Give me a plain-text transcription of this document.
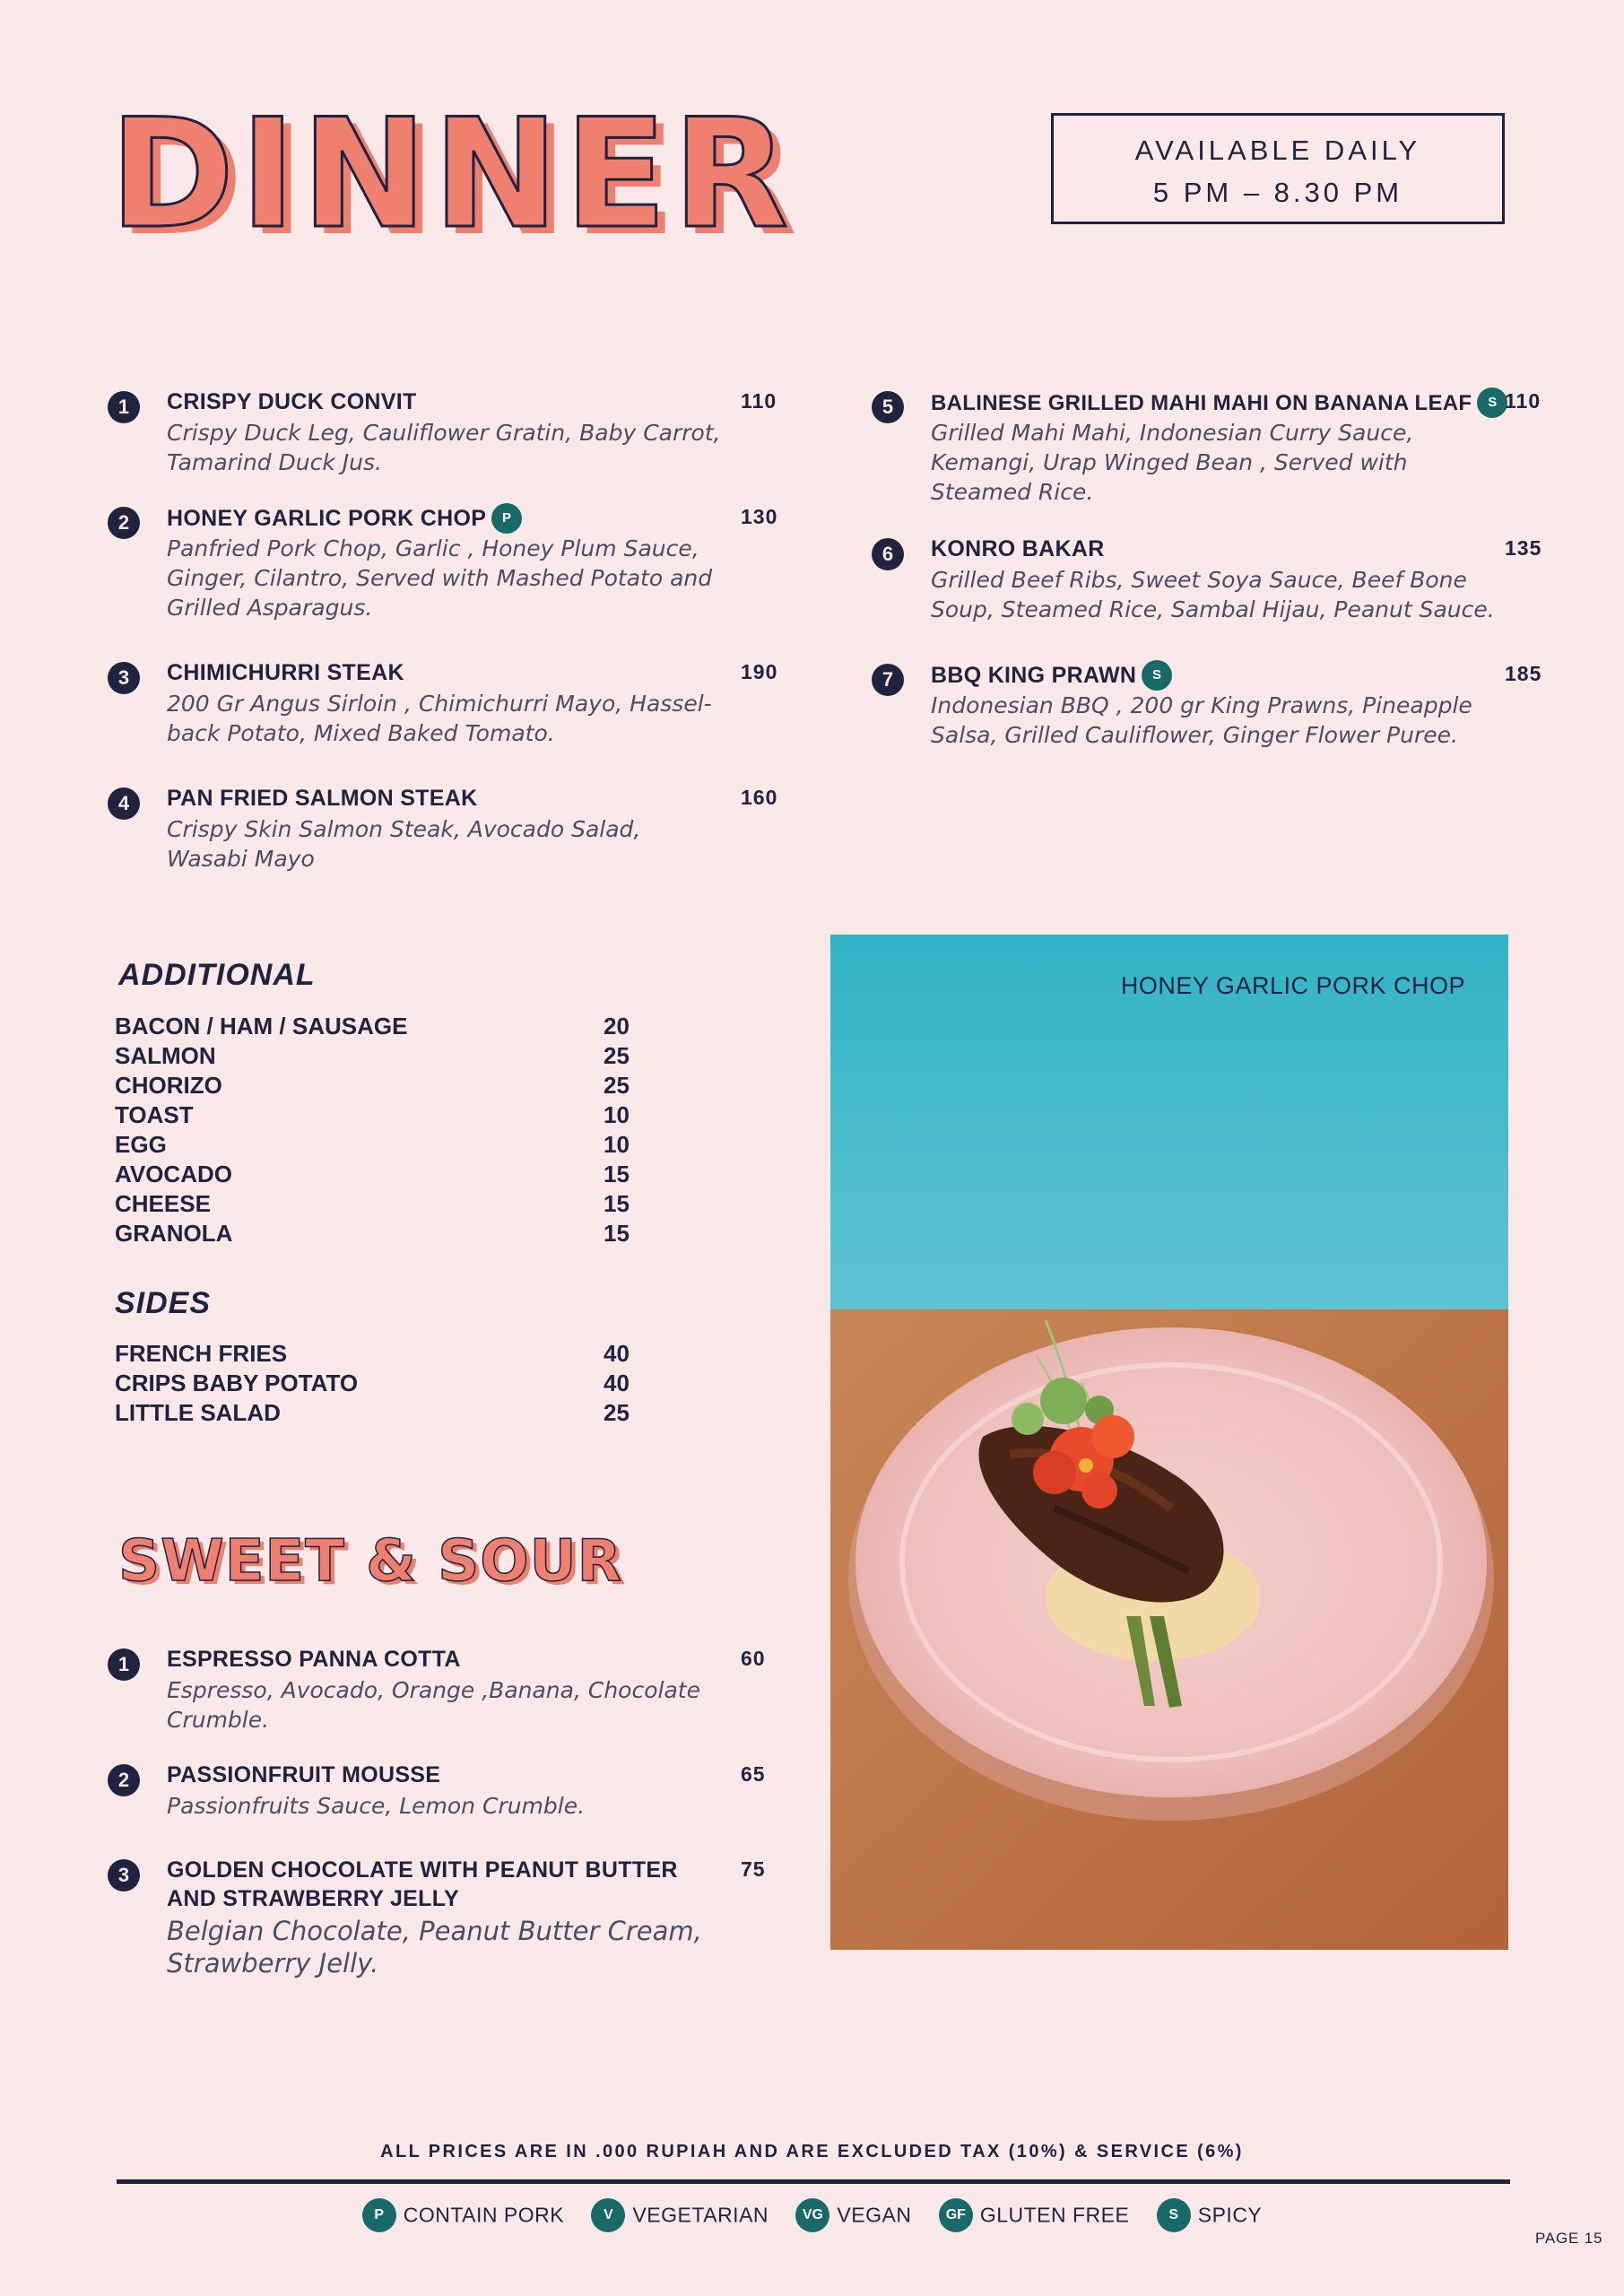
DINNER	AVAILABLE DAILY
5 PM – 8.30 PM
1	CRISPY DUCK CONVIT	110
Crispy Duck Leg, Cauliflower Gratin, Baby Carrot, Tamarind Duck Jus.
2	HONEY GARLIC PORK CHOP P	130
Panfried Pork Chop, Garlic , Honey Plum Sauce, Ginger, Cilantro, Served with Mashed Potato and Grilled Asparagus.
3	CHIMICHURRI STEAK	190
200 Gr Angus Sirloin , Chimichurri Mayo, Hassel-back Potato, Mixed Baked Tomato.
4	PAN FRIED SALMON STEAK	160
Crispy Skin Salmon Steak, Avocado Salad, Wasabi Mayo
5	BALINESE GRILLED MAHI MAHI ON BANANA LEAF S 110
Grilled Mahi Mahi, Indonesian Curry Sauce, Kemangi, Urap Winged Bean , Served with Steamed Rice.
6	KONRO BAKAR	135
Grilled Beef Ribs, Sweet Soya Sauce, Beef Bone Soup, Steamed Rice, Sambal Hijau, Peanut Sauce.
7	BBQ KING PRAWN S	185
Indonesian BBQ , 200 gr King Prawns, Pineapple Salsa, Grilled Cauliflower, Ginger Flower Puree.
ADDITIONAL
BACON / HAM / SAUSAGE	20
SALMON	25
CHORIZO	25
TOAST	10
EGG	10
AVOCADO	15
CHEESE	15
GRANOLA	15
SIDES
FRENCH FRIES	40
CRIPS BABY POTATO	40
LITTLE SALAD	25
SWEET & SOUR
1	ESPRESSO PANNA COTTA	60
Espresso, Avocado, Orange ,Banana, Chocolate Crumble.
2	PASSIONFRUIT MOUSSE	65
Passionfruits Sauce, Lemon Crumble.
3	GOLDEN CHOCOLATE WITH PEANUT BUTTER AND STRAWBERRY JELLY
75
Belgian Chocolate, Peanut Butter Cream, Strawberry Jelly.
HONEY GARLIC PORK CHOP
ALL PRICES ARE IN .000 RUPIAH AND ARE EXCLUDED TAX (10%) & SERVICE (6%)
P CONTAIN PORK	V VEGETARIAN VG VEGAN GF GLUTEN FREE	S SPICY
PAGE 15
